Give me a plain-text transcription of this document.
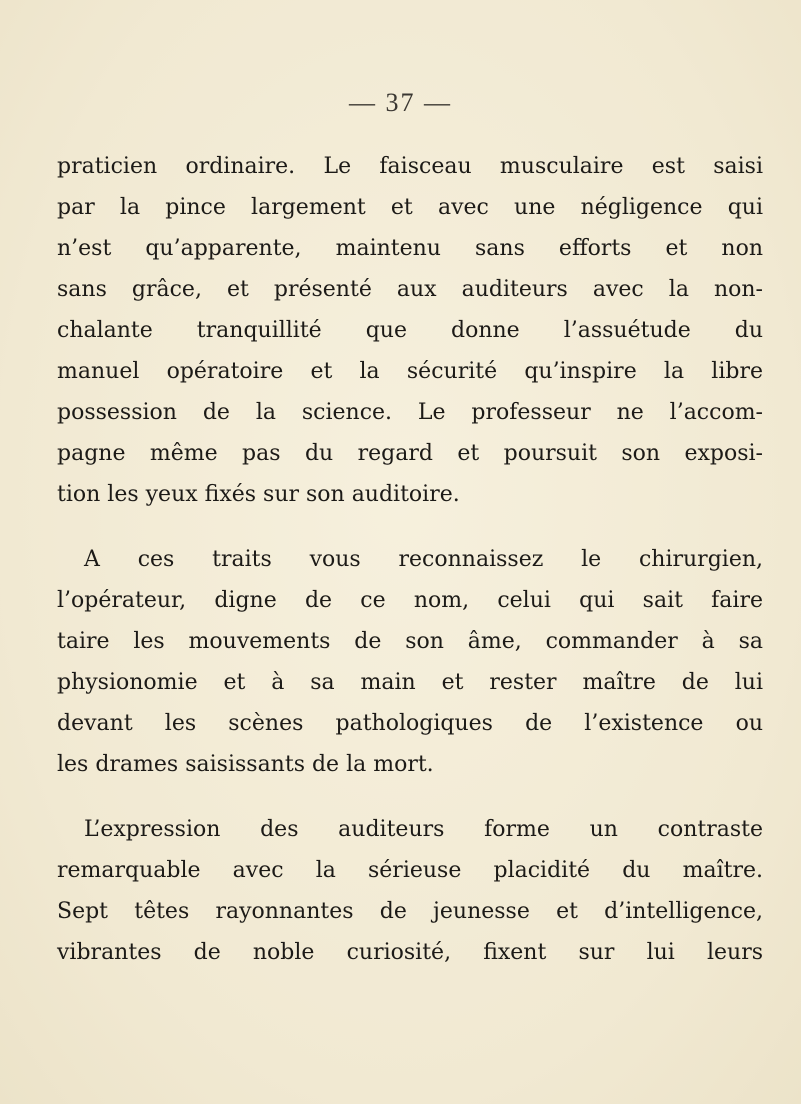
— 37 —
praticien ordinaire. Le faisceau musculaire est saisi
par la pince largement et avec une négligence qui
n’est qu’apparente, maintenu sans efforts et non
sans grâce, et présenté aux auditeurs avec la non-
chalante tranquillité que donne l’assuétude du
manuel opératoire et la sécurité qu’inspire la libre
possession de la science. Le professeur ne l’accom-
pagne même pas du regard et poursuit son exposi-
tion les yeux fixés sur son auditoire.
A ces traits vous reconnaissez le chirurgien,
l’opérateur, digne de ce nom, celui qui sait faire
taire les mouvements de son âme, commander à sa
physionomie et à sa main et rester maître de lui
devant les scènes pathologiques de l’existence ou
les drames saisissants de la mort.
L’expression des auditeurs forme un contraste
remarquable avec la sérieuse placidité du maître.
Sept têtes rayonnantes de jeunesse et d’intelligence,
vibrantes de noble curiosité, fixent sur lui leurs
